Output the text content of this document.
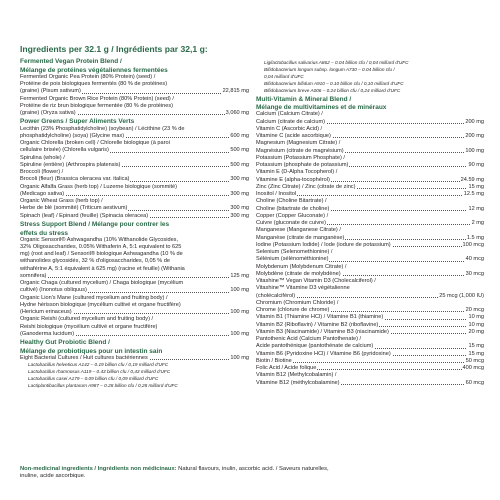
Ingredients per 32.1 g / Ingrédients par 32,1 g:
Fermented Vegan Protein Blend /
Mélange de protéines végétaliennes fermentées
Fermented Organic Pea Protein (80% Protein) (seed) /
Protéine de pois biologiques fermentés (80 % de protéines)
(graine) (Pisum sativum)	22,815 mg
Fermented Organic Brown Rice Protein (80% Protein) (seed) /
Protéine de riz brun biologique fermentée (80 % de protéines)
(graine) (Oryza sativa)	3,060 mg
Power Greens / Super Aliments Verts
Lecithin (23% Phosphatidylcholine) (soybean) / Lécithine (23 % de
phosphatidylcholine) (soya) (Glycine max)	600 mg
Organic Chlorella (broken cell) / Chlorelle biologique (à paroi
cellulaire brisée) (Chlorella vulgaris)	500 mg
Spirulina (whole) /
Spiruline (entière) (Arthrospira platensis)	500 mg
Broccoli (flower) /
Brocoli (fleur) (Brassica oleracea var. italica)	300 mg
Organic Alfalfa Grass (herb top) / Luzerne biologique (sommité)
(Medicago sativa)	300 mg
Organic Wheat Grass (herb top) /
Herbe de blé (sommité) (Triticum aestivum)	300 mg
Spinach (leaf) / Épinard (feuille) (Spinacia oleracea)	300 mg
Stress Support Blend / Mélange pour contrer les
effets du stress
Organic Sensoril® Ashwagandha (10% Withanolide Glycosides,
32% Oligosaccharides, 0.05% Withaferin A, 5:1 equivalent to 625
mg) (root and leaf) / Sensoril® biologique Ashwagandha (10 % de
withanolides glycosidés, 32 % d'oligosaccharides, 0,05 % de
withaférine A, 5:1 équivalent à 625 mg) (racine et feuille) (Withania
somnifera)	125 mg
Organic Chaga (cultured mycelium) / Chaga biologique (mycélium
cultivé) (Inonotus obliquus)	100 mg
Organic Lion's Mane (cultured mycelium and fruiting body) /
Hydne hérisson biologique (mycélium cultivé et organe fructifère)
(Hericium erinaceus)	100 mg
Organic Reishi (cultured mycelium and fruiting body) /
Reishi biologique (mycélium cultivé et organe fructifère)
(Ganoderma lucidum)	100 mg
Healthy Gut Probiotic Blend /
Mélange de probiotiques pour un intestin sain
Eight Bacterial Cultures / Huit cultures bactériennes	100 mg
Lactobacillus helveticus A142 – 0.19 billion cfu / 0,19 milliard d'UFC
Lactobacillus rhamnosus A119 – 0.43 billion cfu / 0,43 milliard d'UFC
Lactobacillus casei A179 – 0.09 billion cfu / 0,09 milliard d'UFC
Lactiplantibacillus plantarum A987 – 0.28 billion cfu / 0,28 milliard d'UFC
Ligilactobacillus salivarius A862 – 0.04 billion cfu / 0,04 milliard d'UFC
Bifidobacterium longum subsp. longum A730 – 0.04 billion cfu /
0,04 milliard d'UFC
Bifidobacterium bifidum A910 – 0.10 billion cfu / 0,10 milliard d'UFC
Bifidobacterium breve A006 – 0.24 billion cfu / 0,24 milliard d'UFC
Multi-Vitamin & Mineral Blend /
Mélange de multivitamines et de minéraux
Calcium (Calcium Citrate) /
Calcium (citrate de calcium)	200 mg
Vitamin C (Ascorbic Acid) /
Vitamine C (acide ascorbique)	200 mg
Magnesium (Magnesium Citrate) /
Magnésium (citrate de magnésium)	100 mg
Potassium (Potassium Phosphate) /
Potassium (phosphate de potassium)	90 mg
Vitamin E (D-Alpha Tocopherol) /
Vitamine E (alpha-tocophérol)	24.59 mg
Zinc (Zinc Citrate) / Zinc (citrate de zinc)	15 mg
Inositol / Inositol	12.5 mg
Choline (Choline Bitartrate) /
Choline (bitartrate de choline)	12 mg
Copper (Copper Gluconate) /
Cuivre (gluconate de cuivre)	2 mg
Manganese (Manganese Citrate) /
Manganèse (citrate de manganèse)	1.5 mg
Iodine (Potassium Iodide) / Iode (iodure de potassium)	100 mcg
Selenium (Selenomethionine) /
Sélénium (sélénométhionine)	40 mcg
Molybdenum (Molybdenum Citrate) /
Molybdène (citrate de molybdène)	30 mcg
Vitashine™ Vegan Vitamin D3 (Cholecalciferol) /
Vitashine™ Vitamine D3 végétalienne
(cholécalciférol)	25 mcg (1,000 IU)
Chromium (Chromium Chloride) /
Chrome (chlorure de chrome)	20 mcg
Vitamin B1 (Thiamine HCl) / Vitamine B1 (thiamine)	10 mg
Vitamin B2 (Riboflavin) / Vitamine B2 (riboflavine)	10 mg
Vitamin B3 (Niacinamide) / Vitamine B3 (niacinamide)	20 mg
Pantothenic Acid (Calcium Pantothenate) /
Acide pantothénique (pantothénate de calcium)	15 mg
Vitamin B6 (Pyridoxine HCl) / Vitamine B6 (pyridoxine)	15 mg
Biotin / Biotine	50 mcg
Folic Acid / Acide folique	400 mcg
Vitamin B12 (Methylcobalamin) /
Vitamine B12 (méthylcobalamine)	60 mcg
Non-medicinal ingredients / Ingrédients non médicinaux: Natural flavours, inulin, ascorbic acid. / Saveurs naturelles,
inuline, acide ascorbique.
